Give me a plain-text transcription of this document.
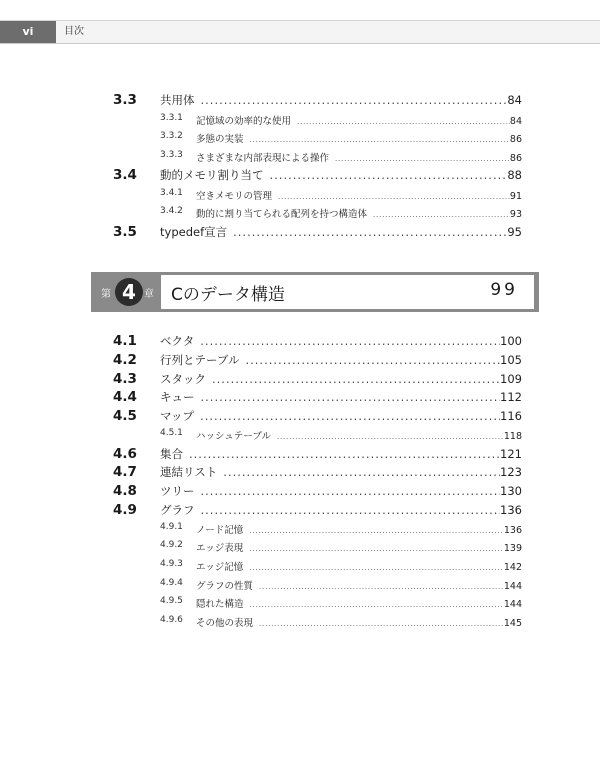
vi	目次
3.3 共用体 .....	84
3.3.1 記憶域の効率的な使用 .....	84
3.3.2 多態の実装 .....	86
3.3.3 さまざまな内部表現による操作 .....	86
3.4 動的メモリ割り当て .....	88
3.4.1 空きメモリの管理 .....	91
3.4.2 動的に割り当てられる配列を持つ構造体 .....	93
3.5 typedef宣言 .....	95
第 4 章 Cのデータ構造	99
4.1 ベクタ .....	100
4.2 行列とテーブル .....	105
4.3 スタック .....	109
4.4 キュー .....	112
4.5 マップ .....	116
4.5.1 ハッシュテーブル .....	118
4.6 集合 .....	121
4.7 連結リスト .....	123
4.8 ツリー .....	130
4.9 グラフ .....	136
4.9.1 ノード記憶 .....	136
4.9.2 エッジ表現 .....	139
4.9.3 エッジ記憶 .....	142
4.9.4 グラフの性質 .....	144
4.9.5 隠れた構造 .....	144
4.9.6 その他の表現 .....	145
